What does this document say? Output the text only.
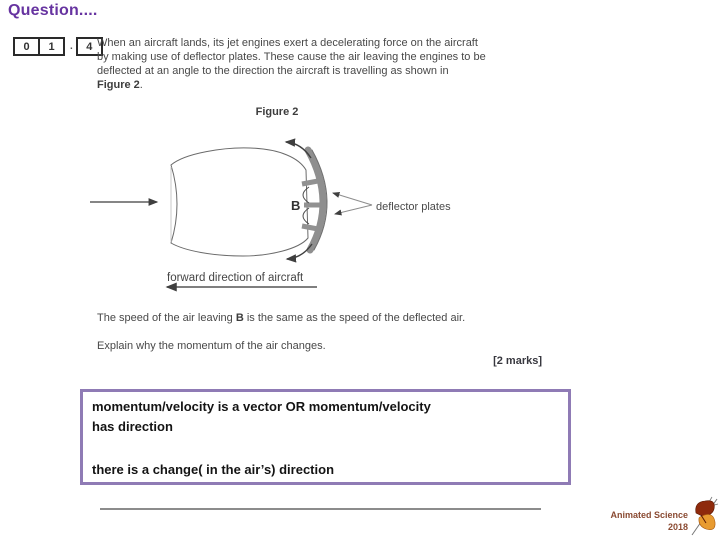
Question....
0	1	.	4 When an aircraft lands, its jet engines exert a decelerating force on the aircraft
by making use of deflector plates. These cause the air leaving the engines to be
deflected at an angle to the direction the aircraft is travelling as shown in
Figure 2.
Figure 2
B	deflector plates
forward direction of aircraft
The speed of the air leaving B is the same as the speed of the deflected air.
Explain why the momentum of the air changes.
[2 marks]
momentum/velocity is a vector OR momentum/velocity
has direction
there is a change( in the air’s) direction
Animated Science
2018
